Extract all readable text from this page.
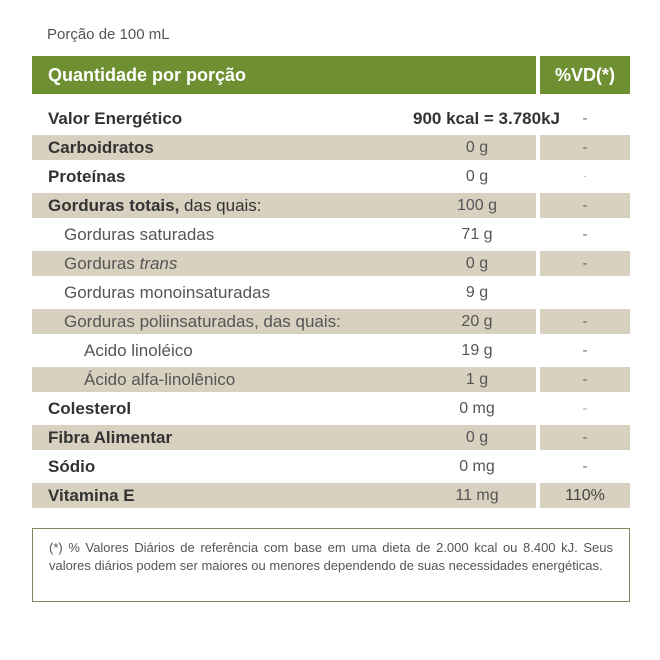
Porção de 100 mL
Quantidade por porção	%VD(*)
Valor Energético	900 kcal = 3.780kJ	-
Carboidratos	0 g	-
Proteínas	0 g	-
Gorduras totais, das quais:	100 g	-
Gorduras saturadas	71 g	-
Gorduras trans	0 g	-
Gorduras monoinsaturadas	9 g
Gorduras poliinsaturadas, das quais:	20 g	-
Acido linoléico	19 g	-
Ácido alfa-linolênico	1 g	-
Colesterol	0 mg	-
Fibra Alimentar	0 g	-
Sódio	0 mg	-
Vitamina E	11 mg	110%
(*) % Valores Diários de referência com base em uma dieta de 2.000 kcal ou 8.400 kJ. Seus valores diários podem ser maiores ou menores dependendo de suas necessidades energéticas.
